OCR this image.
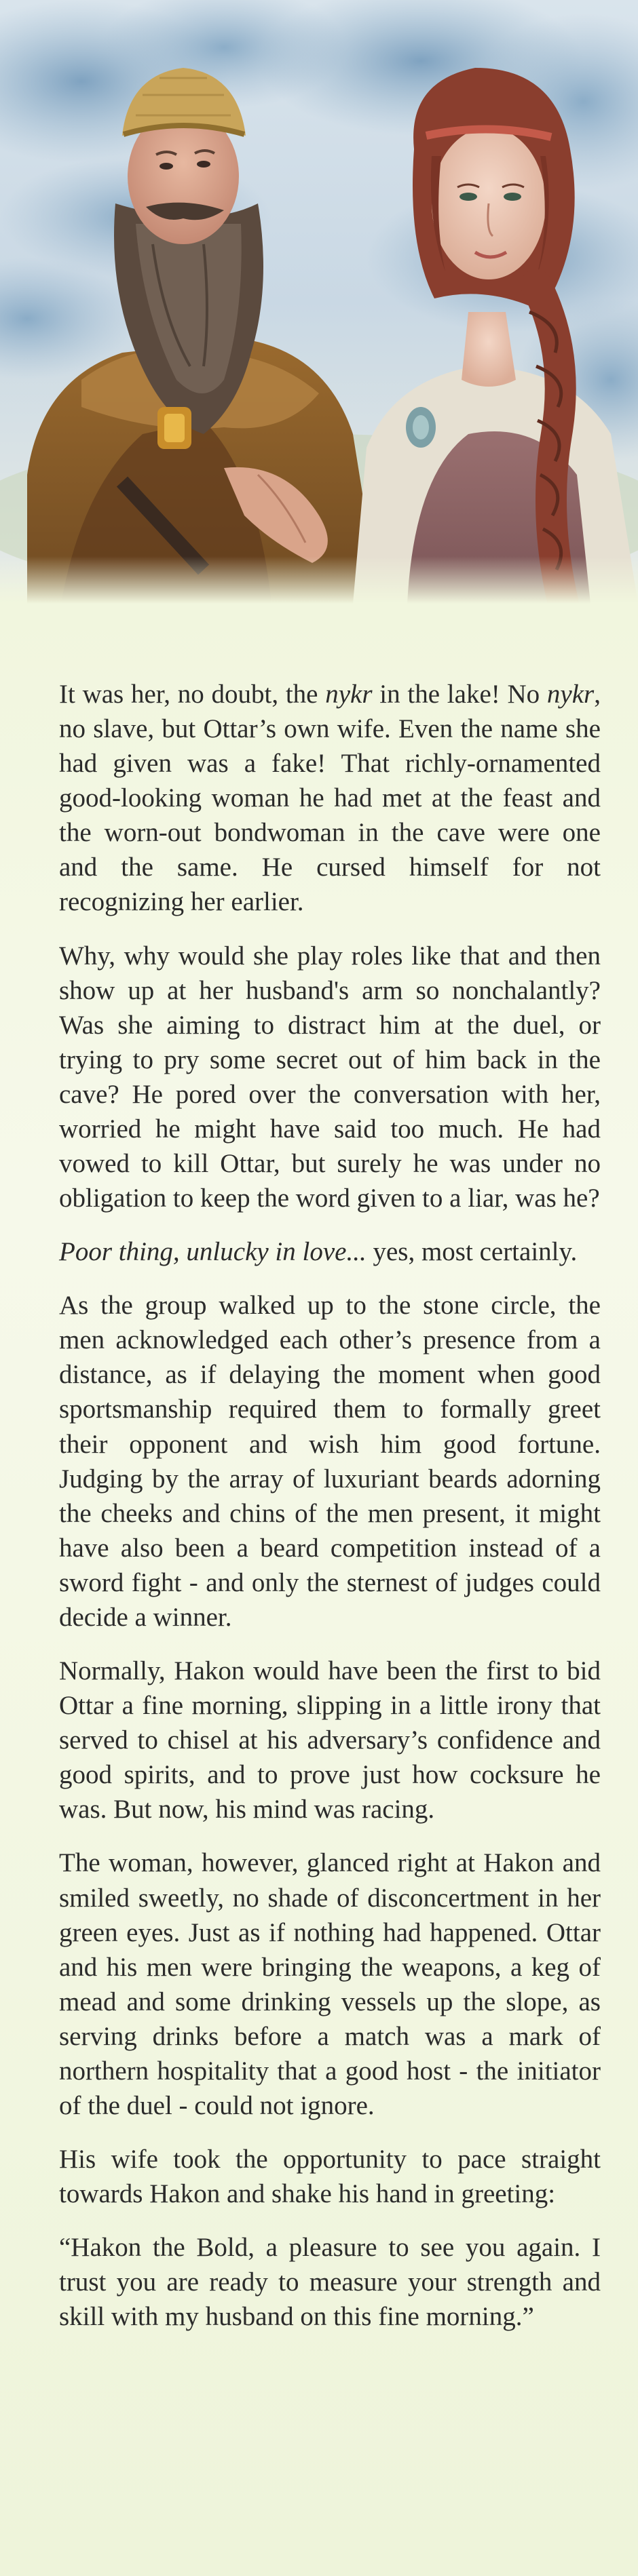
It was her, no doubt, the nykr in the lake! No nykr, no slave, but Ottar’s own wife. Even the name she had given was a fake! That richly-ornamented good-looking woman he had met at the feast and the worn-out bondwoman in the cave were one and the same. He cursed himself for not recognizing her earlier.

Why, why would she play roles like that and then show up at her husband's arm so nonchalantly? Was she aiming to distract him at the duel, or trying to pry some secret out of him back in the cave? He pored over the conversation with her, worried he might have said too much. He had vowed to kill Ottar, but surely he was under no obligation to keep the word given to a liar, was he?

Poor thing, unlucky in love... yes, most certainly.

As the group walked up to the stone circle, the men acknowledged each other’s presence from a distance, as if delaying the moment when good sportsmanship required them to formally greet their opponent and wish him good fortune. Judging by the array of luxuriant beards adorning the cheeks and chins of the men present, it might have also been a beard competition instead of a sword fight - and only the sternest of judges could decide a winner.

Normally, Hakon would have been the first to bid Ottar a fine morning, slipping in a little irony that served to chisel at his adversary’s confidence and good spirits, and to prove just how cocksure he was. But now, his mind was racing.

The woman, however, glanced right at Hakon and smiled sweetly, no shade of disconcertment in her green eyes. Just as if nothing had happened. Ottar and his men were bringing the weapons, a keg of mead and some drinking vessels up the slope, as serving drinks before a match was a mark of northern hospitality that a good host - the initiator of the duel - could not ignore.

His wife took the opportunity to pace straight towards Hakon and shake his hand in greeting:

“Hakon the Bold, a pleasure to see you again. I trust you are ready to measure your strength and skill with my husband on this fine morning.”
